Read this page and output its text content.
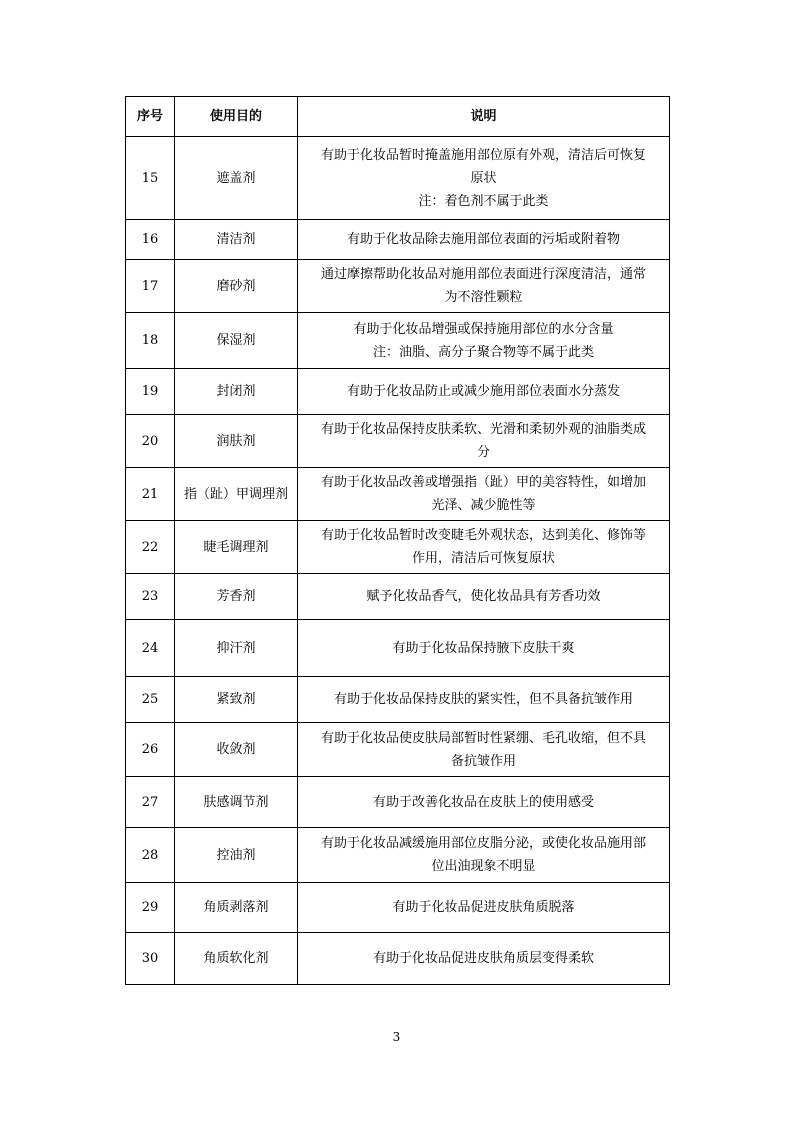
序号	使用目的	说明
15	遮盖剂	有助于化妆品暂时掩盖施用部位原有外观，清洁后可恢复
原状
注：着色剂不属于此类

16	清洁剂	有助于化妆品除去施用部位表面的污垢或附着物

17	磨砂剂	通过摩擦帮助化妆品对施用部位表面进行深度清洁，通常
为不溶性颗粒

18	保湿剂	有助于化妆品增强或保持施用部位的水分含量
注：油脂、高分子聚合物等不属于此类

19	封闭剂	有助于化妆品防止或减少施用部位表面水分蒸发

20	润肤剂	有助于化妆品保持皮肤柔软、光滑和柔韧外观的油脂类成
分

21	指（趾）甲调理剂	有助于化妆品改善或增强指（趾）甲的美容特性，如增加
光泽、减少脆性等

22	睫毛调理剂	有助于化妆品暂时改变睫毛外观状态，达到美化、修饰等
作用，清洁后可恢复原状

23	芳香剂	赋予化妆品香气，使化妆品具有芳香功效

24	抑汗剂	有助于化妆品保持腋下皮肤干爽

25	紧致剂	有助于化妆品保持皮肤的紧实性，但不具备抗皱作用

26	收敛剂	有助于化妆品使皮肤局部暂时性紧绷、毛孔收缩，但不具
备抗皱作用

27	肤感调节剂	有助于改善化妆品在皮肤上的使用感受

28	控油剂	有助于化妆品减缓施用部位皮脂分泌，或使化妆品施用部
位出油现象不明显

29	角质剥落剂	有助于化妆品促进皮肤角质脱落

30	角质软化剂	有助于化妆品促进皮肤角质层变得柔软
3
